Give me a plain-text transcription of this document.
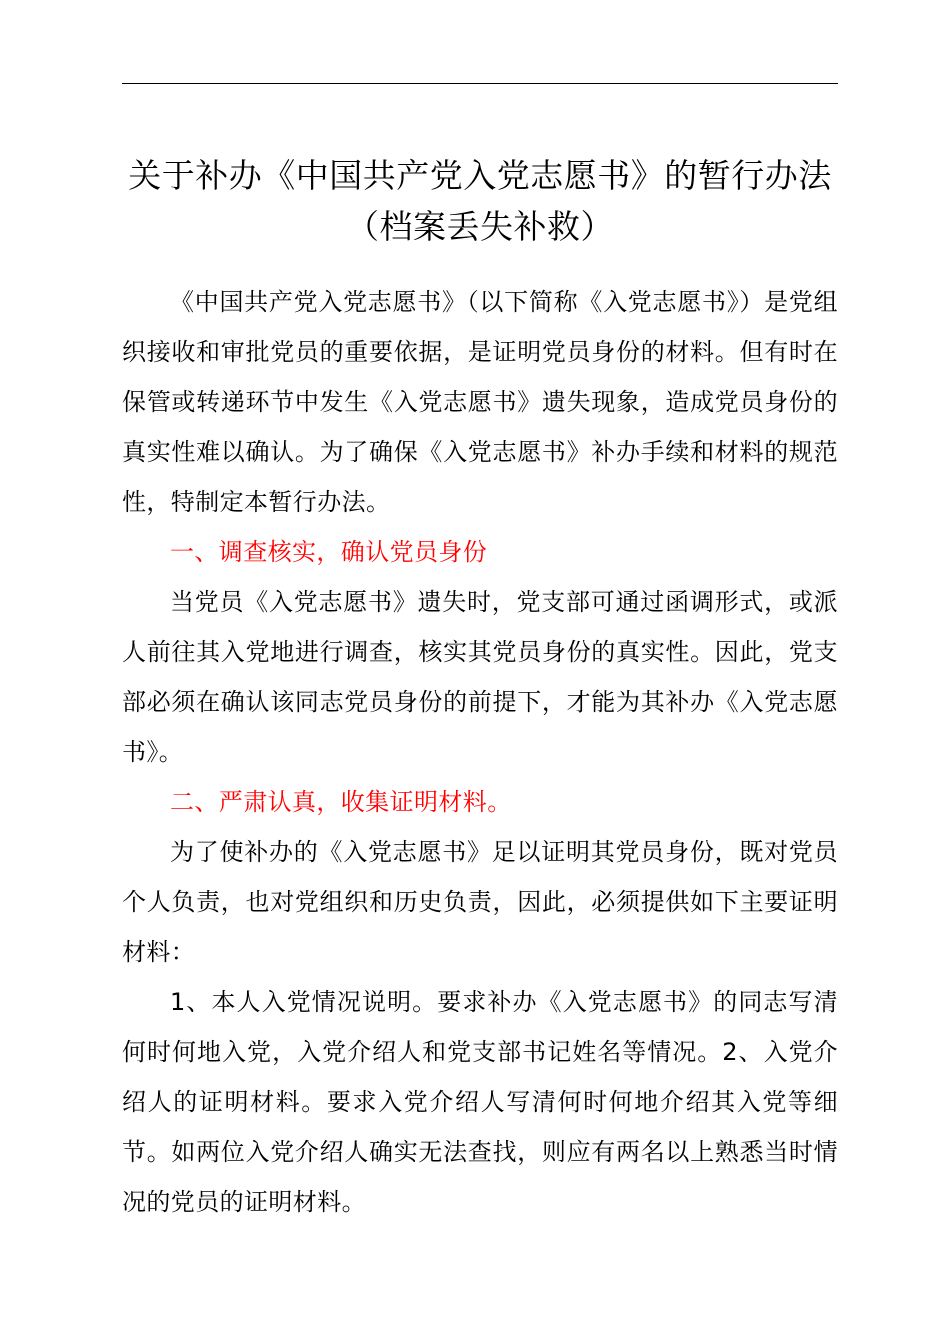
关于补办《中国共产党入党志愿书》的暂行办法（档案丢失补救）

《中国共产党入党志愿书》（以下简称《入党志愿书》）是党组织接收和审批党员的重要依据，是证明党员身份的材料。但有时在保管或转递环节中发生《入党志愿书》遗失现象，造成党员身份的真实性难以确认。为了确保《入党志愿书》补办手续和材料的规范性，特制定本暂行办法。

一、调查核实，确认党员身份

当党员《入党志愿书》遗失时，党支部可通过函调形式，或派人前往其入党地进行调查，核实其党员身份的真实性。因此，党支部必须在确认该同志党员身份的前提下，才能为其补办《入党志愿书》。

二、严肃认真，收集证明材料。

为了使补办的《入党志愿书》足以证明其党员身份，既对党员个人负责，也对党组织和历史负责，因此，必须提供如下主要证明材料：

1、本人入党情况说明。要求补办《入党志愿书》的同志写清何时何地入党，入党介绍人和党支部书记姓名等情况。2、入党介绍人的证明材料。要求入党介绍人写清何时何地介绍其入党等细节。如两位入党介绍人确实无法查找，则应有两名以上熟悉当时情况的党员的证明材料。
